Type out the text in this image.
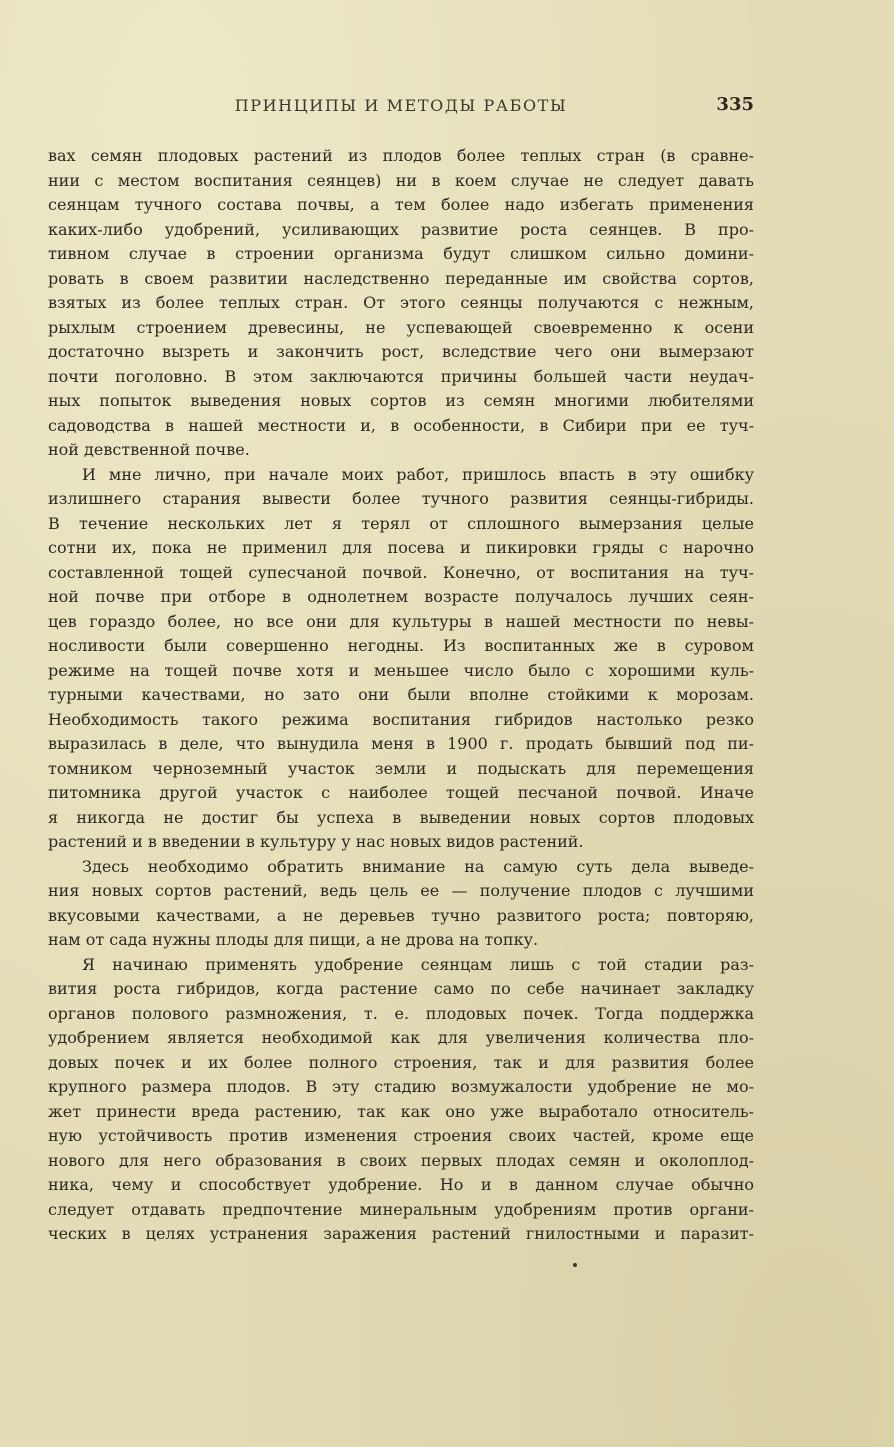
ПРИНЦИПЫ И МЕТОДЫ РАБОТЫ	335
вах семян плодовых растений из плодов более теплых стран (в сравне-
нии с местом воспитания сеянцев) ни в коем случае не следует давать
сеянцам тучного состава почвы, а тем более надо избегать применения
каких-либо удобрений, усиливающих развитие роста сеянцев. В про-
тивном случае в строении организма будут слишком сильно домини-
ровать в своем развитии наследственно переданные им свойства сортов,
взятых из более теплых стран. От этого сеянцы получаются с нежным,
рыхлым строением древесины, не успевающей своевременно к осени
достаточно вызреть и закончить рост, вследствие чего они вымерзают
почти поголовно. В этом заключаются причины большей части неудач-
ных попыток выведения новых сортов из семян многими любителями
садоводства в нашей местности и, в особенности, в Сибири при ее туч-
ной девственной почве.
И мне лично, при начале моих работ, пришлось впасть в эту ошибку
излишнего старания вывести более тучного развития сеянцы-гибриды.
В течение нескольких лет я терял от сплошного вымерзания целые
сотни их, пока не применил для посева и пикировки гряды с нарочно
составленной тощей супесчаной почвой. Конечно, от воспитания на туч-
ной почве при отборе в однолетнем возрасте получалось лучших сеян-
цев гораздо более, но все они для культуры в нашей местности по невы-
носливости были совершенно негодны. Из воспитанных же в суровом
режиме на тощей почве хотя и меньшее число было с хорошими куль-
турными качествами, но зато они были вполне стойкими к морозам.
Необходимость такого режима воспитания гибридов настолько резко
выразилась в деле, что вынудила меня в 1900 г. продать бывший под пи-
томником черноземный участок земли и подыскать для перемещения
питомника другой участок с наиболее тощей песчаной почвой. Иначе
я никогда не достиг бы успеха в выведении новых сортов плодовых
растений и в введении в культуру у нас новых видов растений.
Здесь необходимо обратить внимание на самую суть дела выведе-
ния новых сортов растений, ведь цель ее — получение плодов с лучшими
вкусовыми качествами, а не деревьев тучно развитого роста; повторяю,
нам от сада нужны плоды для пищи, а не дрова на топку.
Я начинаю применять удобрение сеянцам лишь с той стадии раз-
вития роста гибридов, когда растение само по себе начинает закладку
органов полового размножения, т. е. плодовых почек. Тогда поддержка
удобрением является необходимой как для увеличения количества пло-
довых почек и их более полного строения, так и для развития более
крупного размера плодов. В эту стадию возмужалости удобрение не мо-
жет принести вреда растению, так как оно уже выработало относитель-
ную устойчивость против изменения строения своих частей, кроме еще
нового для него образования в своих первых плодах семян и околоплод-
ника, чему и способствует удобрение. Но и в данном случае обычно
следует отдавать предпочтение минеральным удобрениям против органи-
ческих в целях устранения заражения растений гнилостными и паразит-
